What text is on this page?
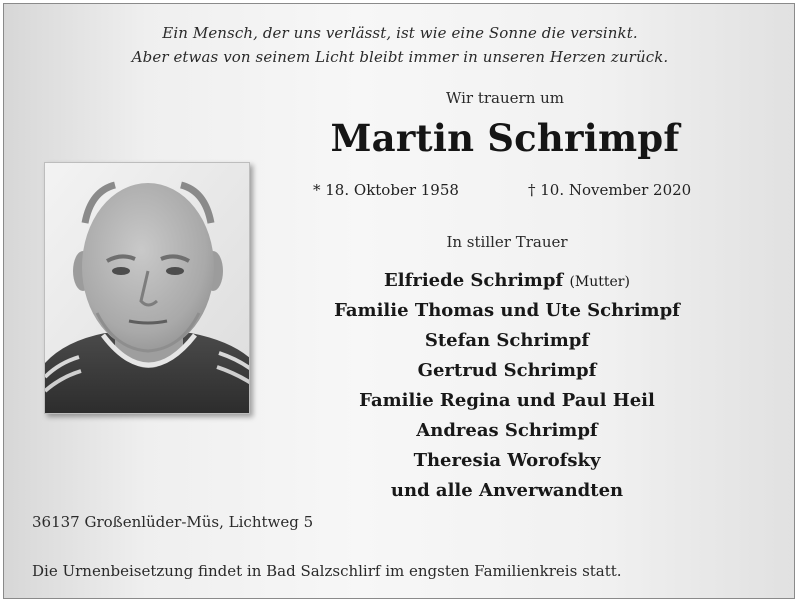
Ein Mensch, der uns verlässt, ist wie eine Sonne die versinkt.
Aber etwas von seinem Licht bleibt immer in unseren Herzen zurück.
Wir trauern um
Martin Schrimpf
* 18. Oktober 1958	† 10. November 2020
In stiller Trauer
Elfriede Schrimpf (Mutter)
Familie Thomas und Ute Schrimpf
Stefan Schrimpf
Gertrud Schrimpf
Familie Regina und Paul Heil
Andreas Schrimpf
Theresia Worofsky
und alle Anverwandten
36137 Großenlüder-Müs, Lichtweg 5
Die Urnenbeisetzung findet in Bad Salzschlirf im engsten Familienkreis statt.
